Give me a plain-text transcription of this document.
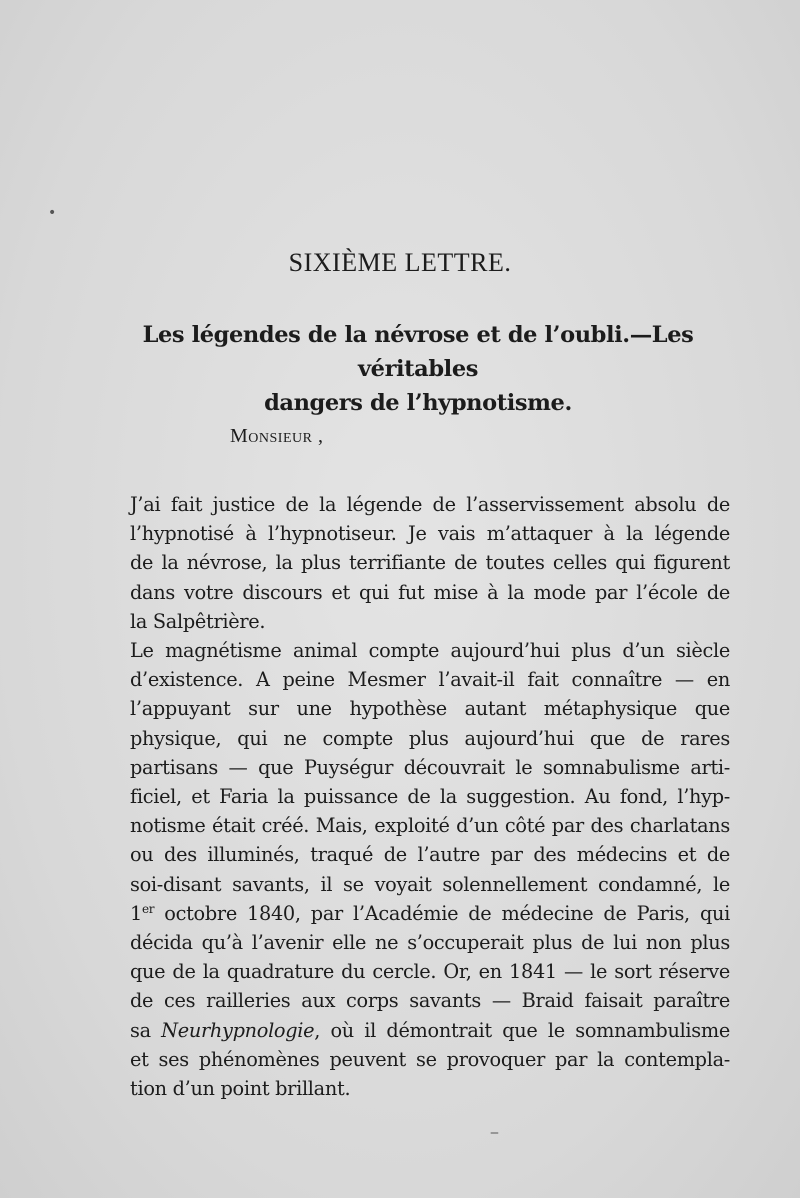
SIXIÈME LETTRE.
Les légendes de la névrose et de l’oubli.—Les véritables
dangers de l’hypnotisme.
Monsieur ,

J’ai fait justice de la légende de l’asservissement absolu de
l’hypnotisé à l’hypnotiseur. Je vais m’attaquer à la légende
de la névrose, la plus terrifiante de toutes celles qui figurent
dans votre discours et qui fut mise à la mode par l’école de
la Salpêtrière.

Le magnétisme animal compte aujourd’hui plus d’un siècle
d’existence. A peine Mesmer l’avait-il fait connaître — en
l’appuyant sur une hypothèse autant métaphysique que
physique, qui ne compte plus aujourd’hui que de rares
partisans — que Puységur découvrait le somnabulisme arti-
ficiel, et Faria la puissance de la suggestion. Au fond, l’hyp-
notisme était créé. Mais, exploité d’un côté par des charlatans
ou des illuminés, traqué de l’autre par des médecins et de
soi-disant savants, il se voyait solennellement condamné, le
1er octobre 1840, par l’Académie de médecine de Paris, qui
décida qu’à l’avenir elle ne s’occuperait plus de lui non plus
que de la quadrature du cercle. Or, en 1841 — le sort réserve
de ces railleries aux corps savants — Braid faisait paraître
sa Neurhypnologie, où il démontrait que le somnambulisme
et ses phénomènes peuvent se provoquer par la contempla-
tion d’un point brillant.

•
‒
